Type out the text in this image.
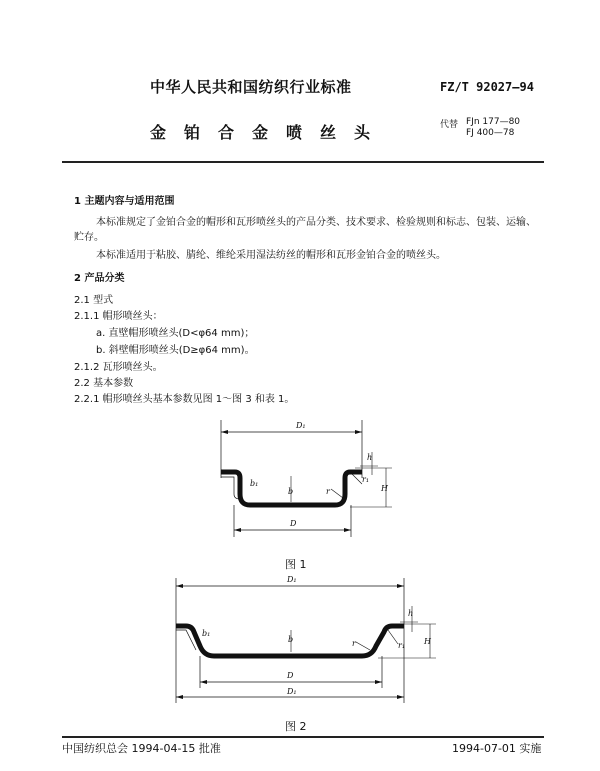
中华人民共和国纺织行业标准	FZ/T 92027—94
金铂合金喷丝头	代替 FJn 177—80
FJ 400—78
1 主题内容与适用范围
本标准规定了金铂合金的帽形和瓦形喷丝头的产品分类、技术要求、检验规则和标志、包装、运输、
贮存。
本标准适用于粘胶、腈纶、维纶采用湿法纺丝的帽形和瓦形金铂合金的喷丝头。
2 产品分类
2.1 型式
2.1.1 帽形喷丝头：
a. 直壁帽形喷丝头(D<φ64 mm)；
b. 斜壁帽形喷丝头(D≥φ64 mm)。
2.1.2 瓦形喷丝头。
2.2 基本参数
2.2.1 帽形喷丝头基本参数见图 1～图 3 和表 1。
D₁
D
h
H
r₁
r
b
b₁
D₁
D
D₁
h
H
r₁
r
b
b₁
图 1
图 2
中国纺织总会 1994-04-15 批准	1994-07-01 实施
